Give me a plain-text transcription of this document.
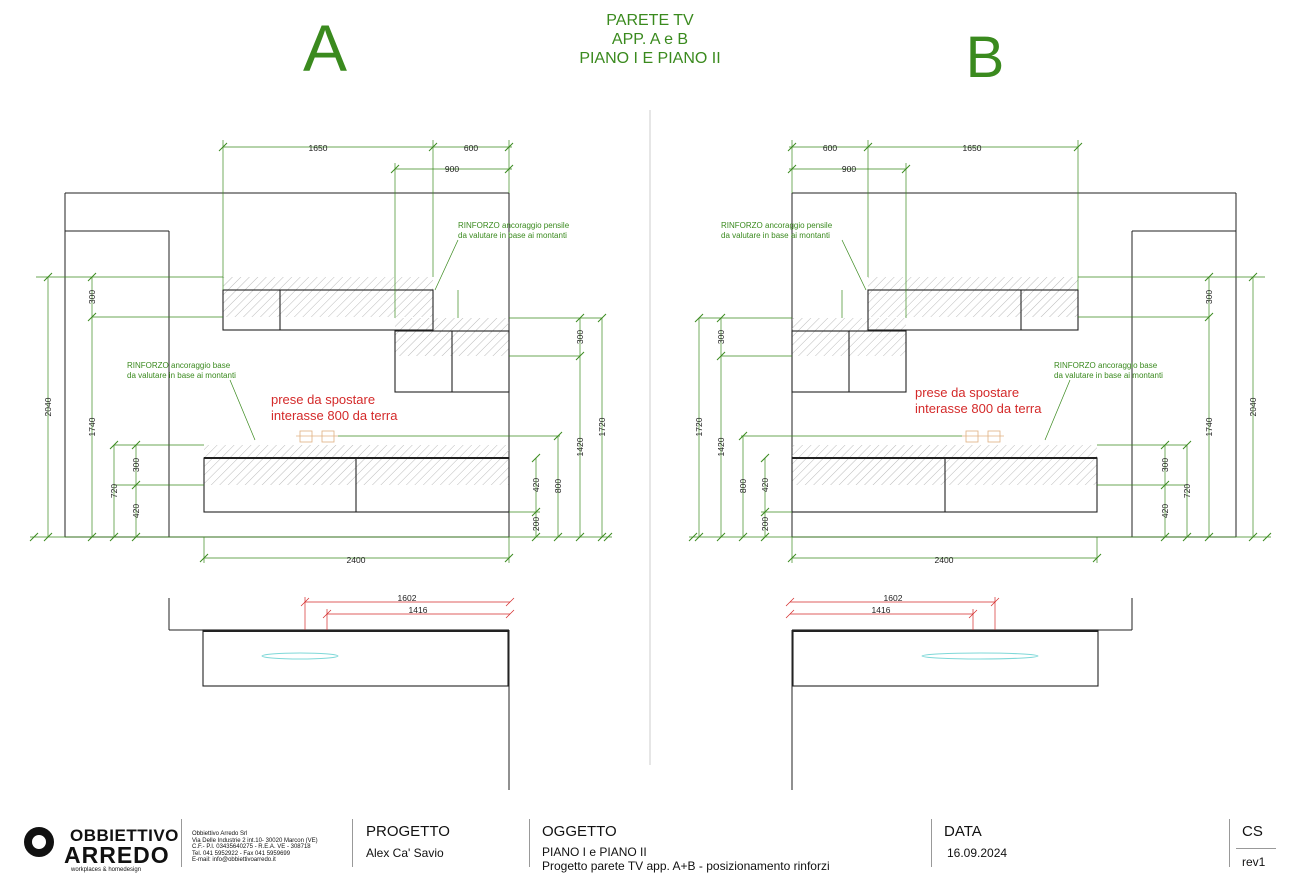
A	B
PARETE TV
APP. A e B
PIANO I E PIANO II
1650	600
900
2040
1740
300
300
720
420
300
1420
1720
420 800
200
2400
RINFORZO ancoraggio pensile
da valutare in base ai montanti
RINFORZO ancoraggio base
da valutare in base ai montanti
prese da spostare
interasse 800 da terra
1602
1416
600	1650
900
2040
1740
300
300
720
420
300
1420
1720
420
800
200
2400
RINFORZO ancoraggio pensile
da valutare in base ai montanti
RINFORZO ancoraggio base
da valutare in base ai montanti
prese da spostare
interasse 800 da terra
1602
1416
OBBIETTIVO
ARREDO
workplaces & homedesign
Obbiettivo Arredo Srl
Via Delle Industrie 2 int.10- 30020 Marcon (VE)
C.F.- P.I. 03435640275 - R.E.A. VE - 308718
Tel. 041 5952922 - Fax 041 5959699
E-mail: info@obbiettivoarredo.it
PROGETTO
Alex Ca' Savio
OGGETTO
PIANO I e PIANO II
Progetto parete TV app. A+B - posizionamento rinforzi
DATA
16.09.2024
CS
rev1
